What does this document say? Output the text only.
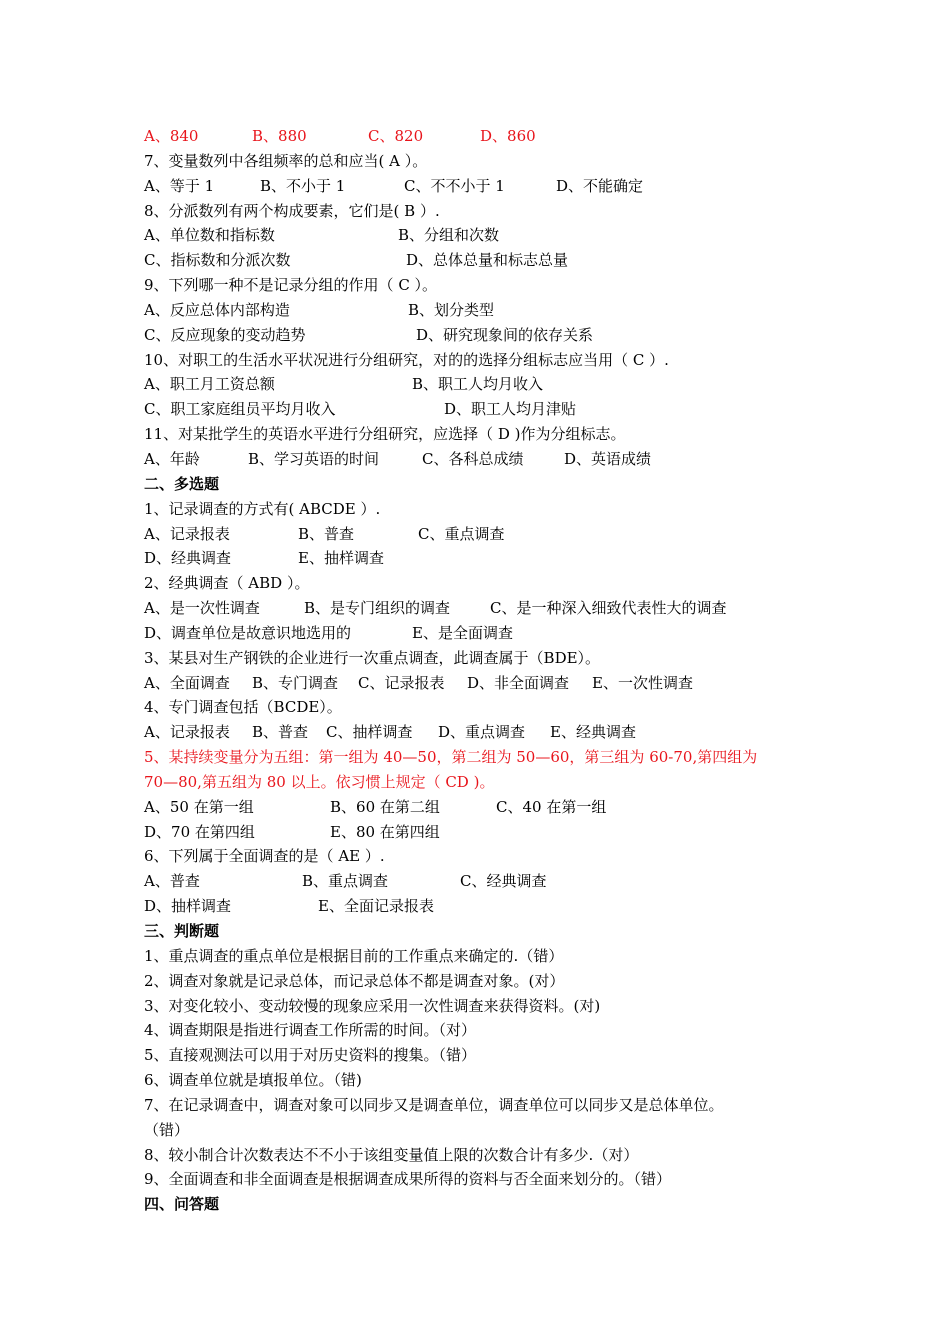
A、840	B、880	C、820	D、860
7、变量数列中各组频率的总和应当( A ）。
A、等于 1	B、不小于 1	C、不不小于 1	D、不能确定
8、分派数列有两个构成要素，它们是( B ）.
A、单位数和指标数	B、分组和次数
C、指标数和分派次数	D、总体总量和标志总量
9、下列哪一种不是记录分组的作用（ C ）。
A、反应总体内部构造	B、划分类型
C、反应现象的变动趋势	D、研究现象间的依存关系
10、对职工的生活水平状况进行分组研究，对的的选择分组标志应当用（ C ）.
A、职工月工资总额	B、职工人均月收入
C、职工家庭组员平均月收入	D、职工人均月津贴
11、对某批学生的英语水平进行分组研究，应选择（ D )作为分组标志。
A、年龄	B、学习英语的时间	C、各科总成绩	D、英语成绩
二、多选题
1、记录调查的方式有( ABCDE ）.
A、记录报表	B、普查	C、重点调查
D、经典调查	E、抽样调查
2、经典调查（ ABD ）。
A、是一次性调查	B、是专门组织的调查	C、是一种深入细致代表性大的调查
D、调查单位是故意识地选用的	E、是全面调查
3、某县对生产钢铁的企业进行一次重点调查，此调查属于（BDE）。
A、全面调查 B、专门调查 C、记录报表 D、非全面调查 E、一次性调查
4、专门调查包括（BCDE）。
A、记录报表 B、普查 C、抽样调查 D、重点调查 E、经典调查
5、某持续变量分为五组：第一组为 40—50，第二组为 50—60，第三组为 60-70,第四组为
70—80,第五组为 80 以上。依习惯上规定（ CD )。
A、50 在第一组	B、60 在第二组	C、40 在第一组
D、70 在第四组	E、80 在第四组
6、下列属于全面调查的是（ AE ）.
A、普查	B、重点调查	C、经典调查
D、抽样调查	E、全面记录报表
三、判断题
1、重点调查的重点单位是根据目前的工作重点来确定的.（错）
2、调查对象就是记录总体，而记录总体不都是调查对象。(对）
3、对变化较小、变动较慢的现象应采用一次性调查来获得资料。(对)
4、调查期限是指进行调查工作所需的时间。（对）
5、直接观测法可以用于对历史资料的搜集。（错）
6、调查单位就是填报单位。（错)
7、在记录调查中，调查对象可以同步又是调查单位，调查单位可以同步又是总体单位。
（错）
8、较小制合计次数表达不不小于该组变量值上限的次数合计有多少.（对）
9、全面调查和非全面调查是根据调查成果所得的资料与否全面来划分的。（错）
四、问答题
